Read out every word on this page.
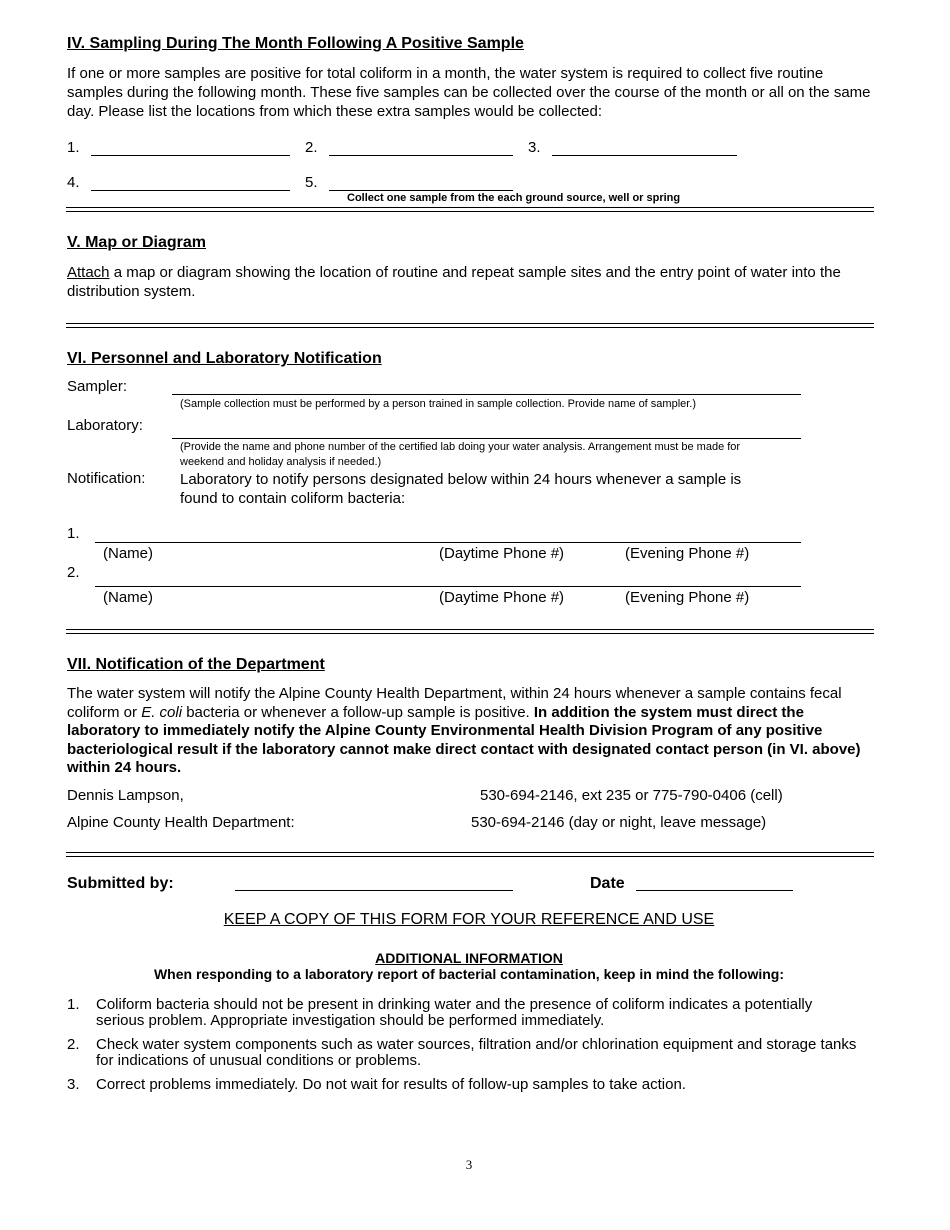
IV. Sampling During The Month Following A Positive Sample
If one or more samples are positive for total coliform in a month, the water system is required to collect five routine samples during the following month. These five samples can be collected over the course of the month or all on the same day. Please list the locations from which these extra samples would be collected:
1.	2.	3.
4.	5.
Collect one sample from the each ground source, well or spring
V. Map or Diagram
Attach a map or diagram showing the location of routine and repeat sample sites and the entry point of water into the distribution system.
VI. Personnel and Laboratory Notification
Sampler:
(Sample collection must be performed by a person trained in sample collection. Provide name of sampler.)
Laboratory:
(Provide the name and phone number of the certified lab doing your water analysis. Arrangement must be made for weekend and holiday analysis if needed.)
Notification: Laboratory to notify persons designated below within 24 hours whenever a sample is found to contain coliform bacteria:
1.
(Name)	(Daytime Phone #)	(Evening Phone #)
2.
(Name)	(Daytime Phone #)	(Evening Phone #)
VII. Notification of the Department
The water system will notify the Alpine County Health Department, within 24 hours whenever a sample contains fecal coliform or E. coli bacteria or whenever a follow-up sample is positive. In addition the system must direct the laboratory to immediately notify the Alpine County Environmental Health Division Program of any positive bacteriological result if the laboratory cannot make direct contact with designated contact person (in VI. above) within 24 hours.
Dennis Lampson,	530-694-2146, ext 235 or 775-790-0406 (cell)
Alpine County Health Department:	530-694-2146 (day or night, leave message)
Submitted by:	Date
KEEP A COPY OF THIS FORM FOR YOUR REFERENCE AND USE
ADDITIONAL INFORMATION
When responding to a laboratory report of bacterial contamination, keep in mind the following:
1. Coliform bacteria should not be present in drinking water and the presence of coliform indicates a potentially serious problem. Appropriate investigation should be performed immediately.
2. Check water system components such as water sources, filtration and/or chlorination equipment and storage tanks for indications of unusual conditions or problems.
3. Correct problems immediately. Do not wait for results of follow-up samples to take action.
3
